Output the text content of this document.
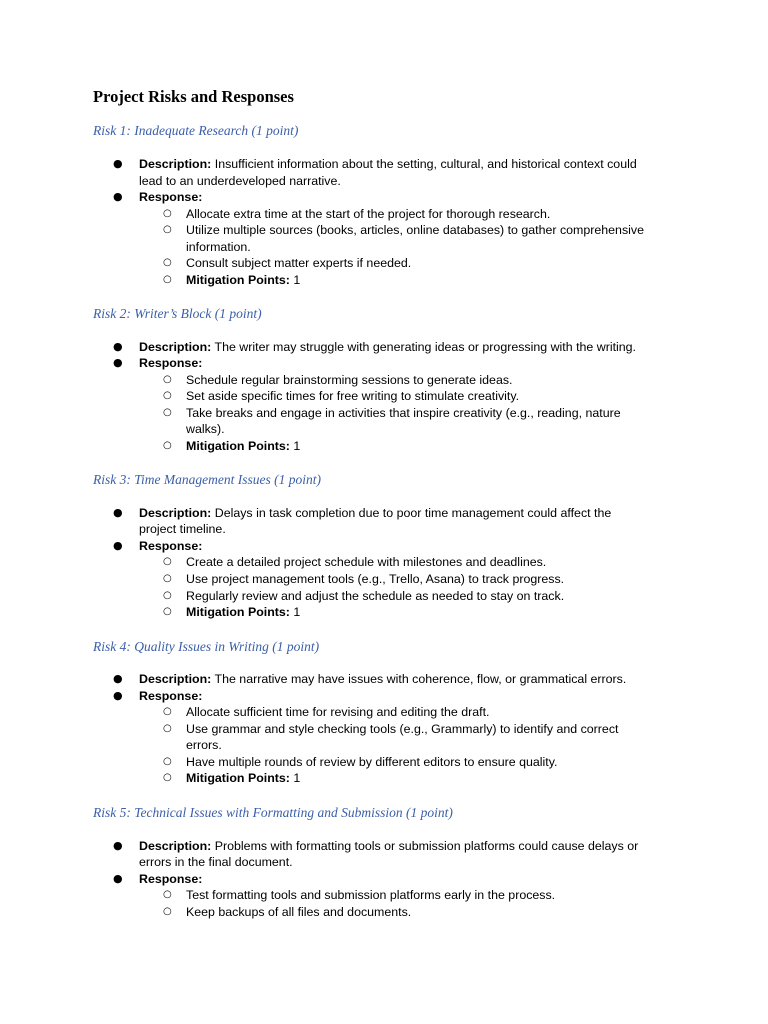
Project Risks and Responses
Risk 1: Inadequate Research (1 point)
● Description: Insufficient information about the setting, cultural, and historical context could
lead to an underdeveloped narrative.
● Response:
○ Allocate extra time at the start of the project for thorough research.
○ Utilize multiple sources (books, articles, online databases) to gather comprehensive
information.
○ Consult subject matter experts if needed.
○ Mitigation Points: 1
Risk 2: Writer’s Block (1 point)
● Description: The writer may struggle with generating ideas or progressing with the writing.
● Response:
○ Schedule regular brainstorming sessions to generate ideas.
○ Set aside specific times for free writing to stimulate creativity.
○ Take breaks and engage in activities that inspire creativity (e.g., reading, nature
walks).
○ Mitigation Points: 1
Risk 3: Time Management Issues (1 point)
● Description: Delays in task completion due to poor time management could affect the
project timeline.
● Response:
○ Create a detailed project schedule with milestones and deadlines.
○ Use project management tools (e.g., Trello, Asana) to track progress.
○ Regularly review and adjust the schedule as needed to stay on track.
○ Mitigation Points: 1
Risk 4: Quality Issues in Writing (1 point)
● Description: The narrative may have issues with coherence, flow, or grammatical errors.
● Response:
○ Allocate sufficient time for revising and editing the draft.
○ Use grammar and style checking tools (e.g., Grammarly) to identify and correct
errors.
○ Have multiple rounds of review by different editors to ensure quality.
○ Mitigation Points: 1
Risk 5: Technical Issues with Formatting and Submission (1 point)
● Description: Problems with formatting tools or submission platforms could cause delays or
errors in the final document.
● Response:
○ Test formatting tools and submission platforms early in the process.
○ Keep backups of all files and documents.
